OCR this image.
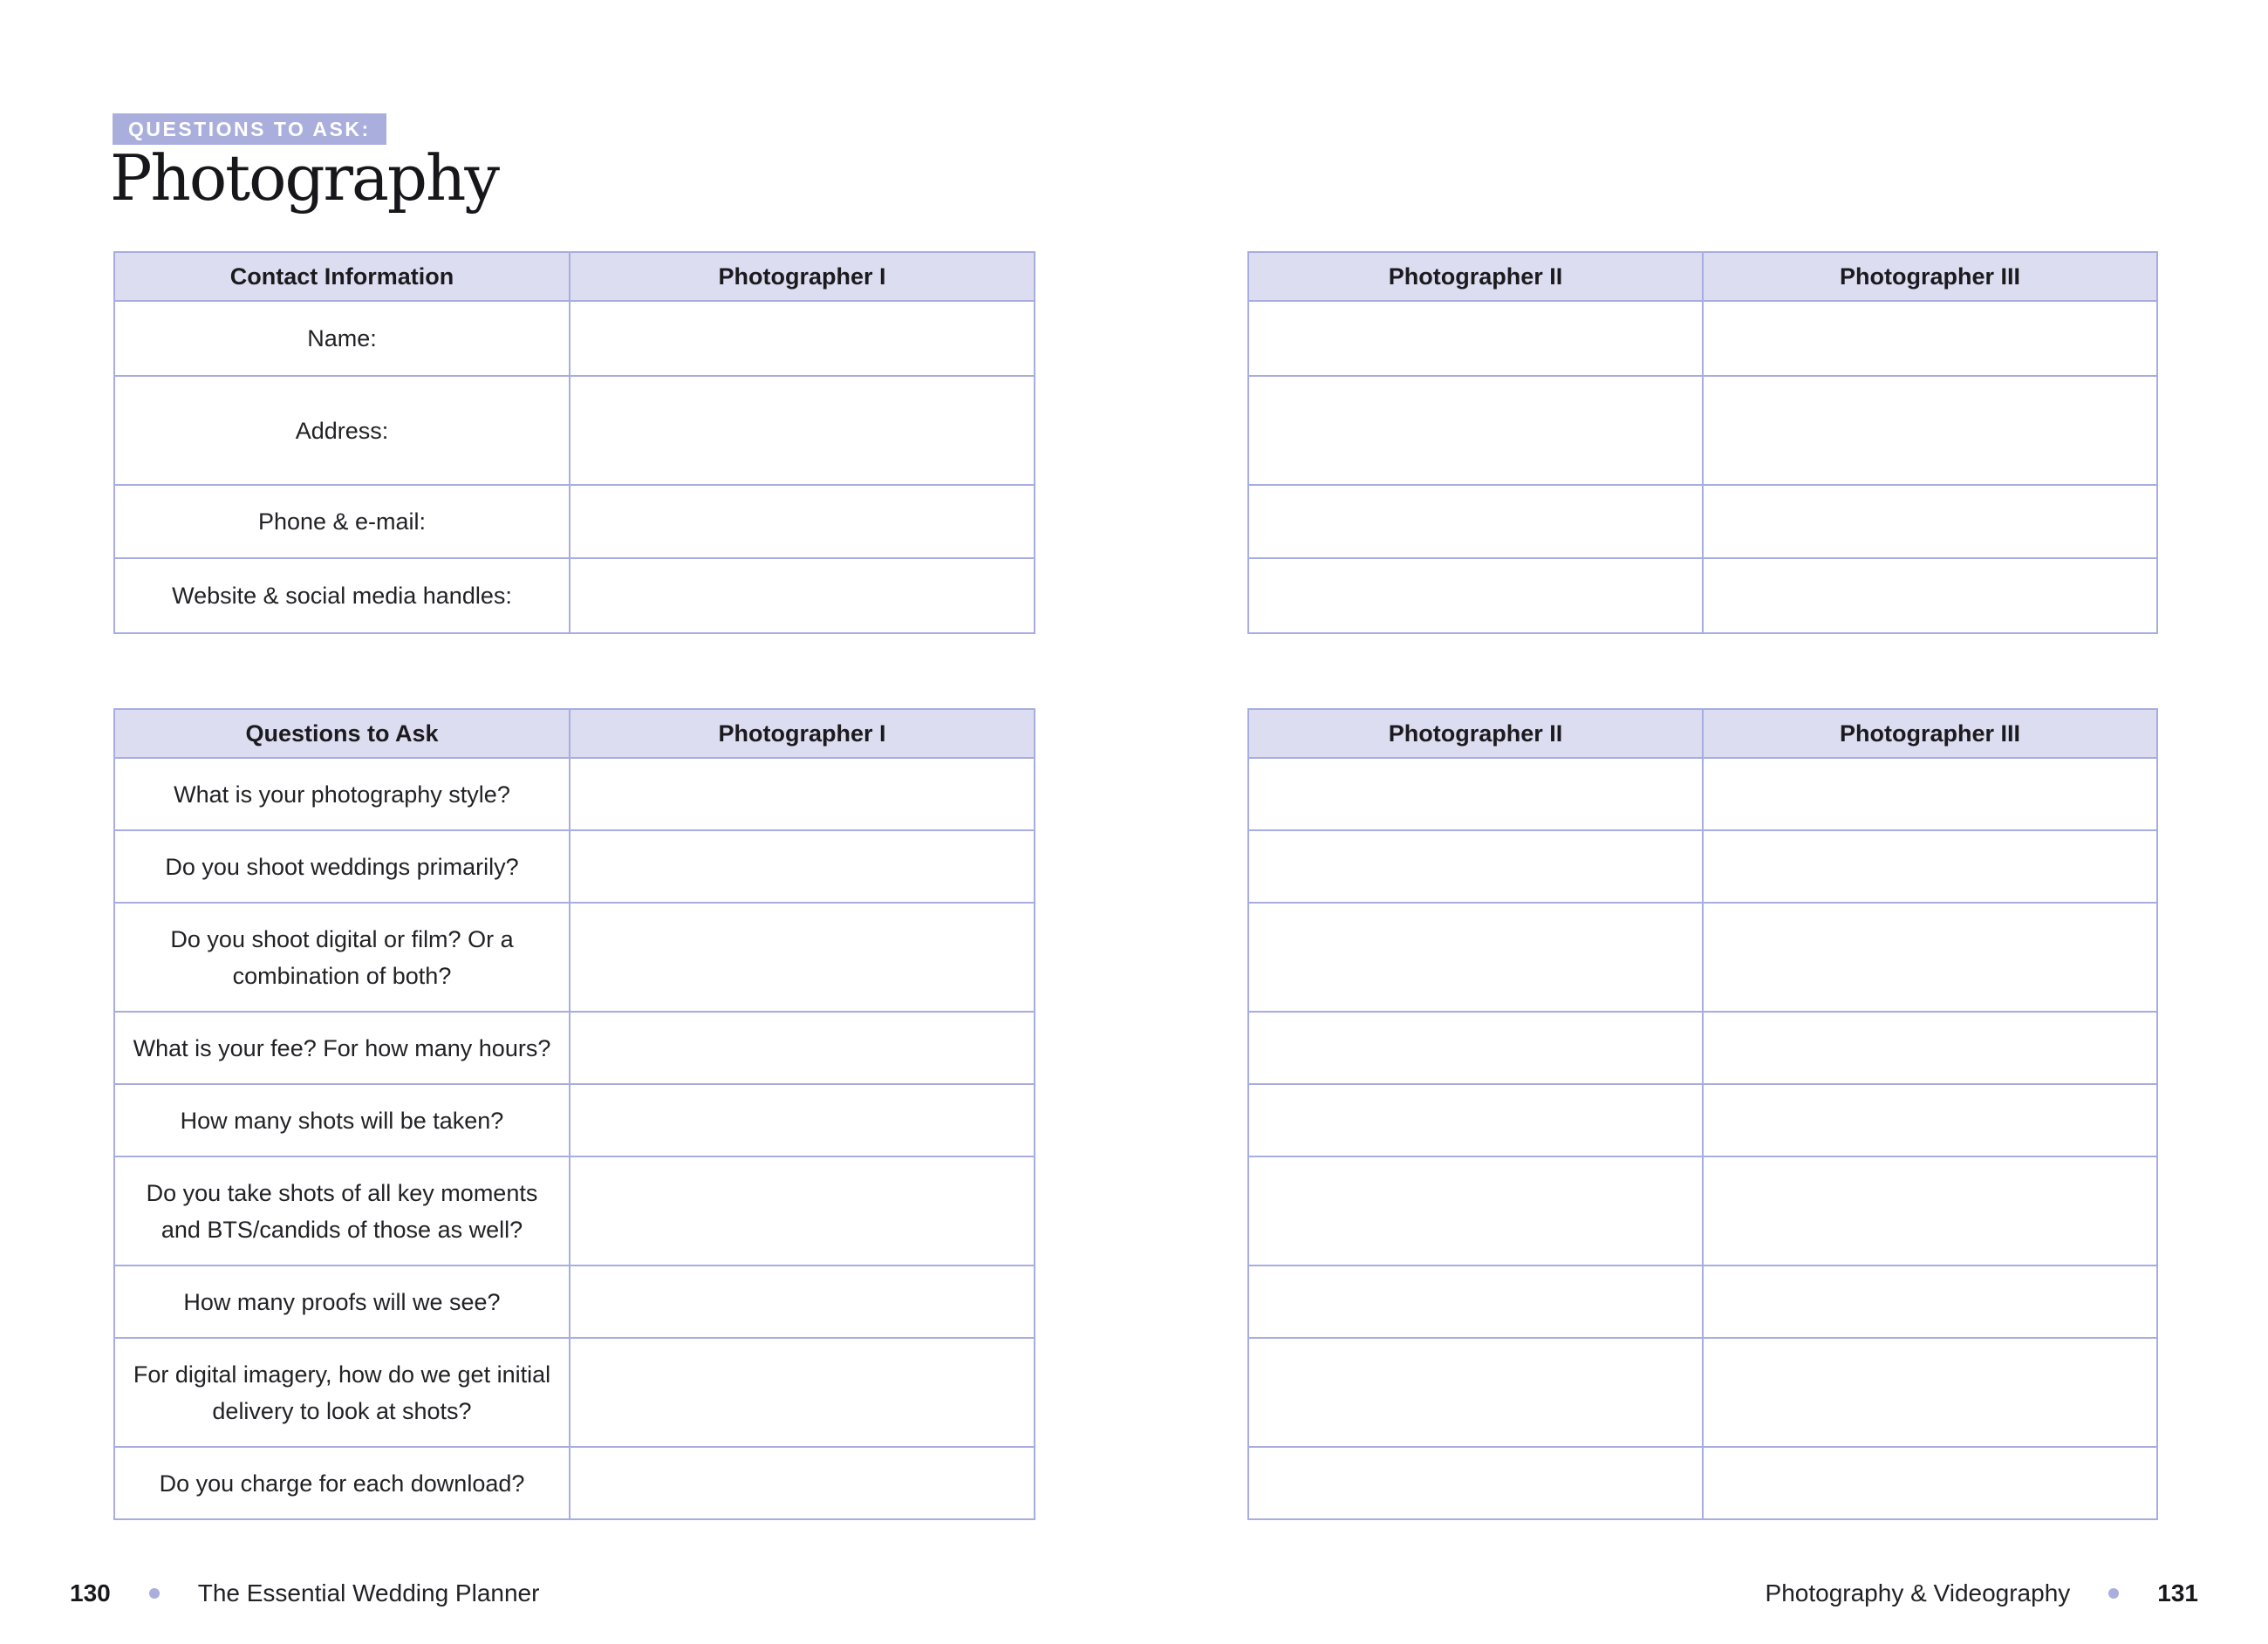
QUESTIONS TO ASK:
Photography
Contact Information	Photographer I
Name:	
Address:	
Phone & e-mail:	
Website & social media handles:	
Photographer II	Photographer III

Questions to Ask	Photographer I
What is your photography style?	
Do you shoot weddings primarily?	
Do you shoot digital or film? Or a combination of both?	
What is your fee? For how many hours?	
How many shots will be taken?	
Do you take shots of all key moments and BTS/candids of those as well?	
How many proofs will we see?	
For digital imagery, how do we get initial delivery to look at shots?	
Do you charge for each download?	
Photographer II	Photographer III

130	The Essential Wedding Planner	Photography & Videography	131
